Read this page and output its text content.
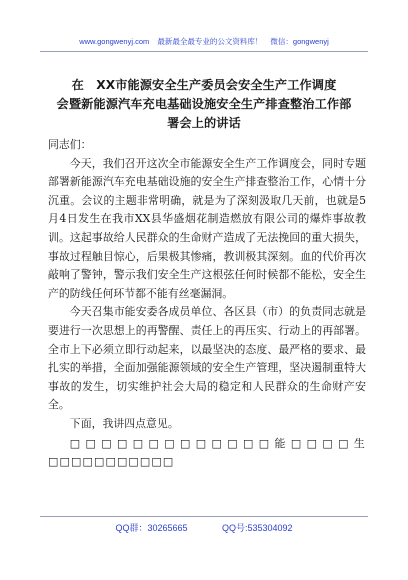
www.gongwenyj.com 最新最全最专业的公文资料库！ 微信：gongwenyj
在　XX市能源安全生产委员会安全生产工作调度
会暨新能源汽车充电基础设施安全生产排查整治工作部
署会上的讲话

同志们：

今天，我们召开这次全市能源安全生产工作调度会，同时专题部署新能源汽车充电基础设施的安全生产排查整治工作，心情十分沉重。会议的主题非常明确，就是为了深刻汲取几天前，也就是5月4日发生在我市XX县华盛烟花制造燃放有限公司的爆炸事故教训。这起事故给人民群众的生命财产造成了无法挽回的重大损失，事故过程触目惊心，后果极其惨痛，教训极其深刻。血的代价再次敲响了警钟，警示我们安全生产这根弦任何时候都不能松，安全生产的防线任何环节都不能有丝毫漏洞。

今天召集市能安委各成员单位、各区县（市）的负责同志就是要进行一次思想上的再警醒、责任上的再压实、行动上的再部署。全市上下必须立即行动起来，以最坚决的态度、最严格的要求、最扎实的举措，全面加强能源领域的安全生产管理，坚决遏制重特大事故的发生，切实维护社会大局的稳定和人民群众的生命财产安全。

下面，我讲四点意见。

□□□□□□□□□□□□□能□□□□生□□□□□□□□□□□

QQ群：30265665	QQ号:535304092
